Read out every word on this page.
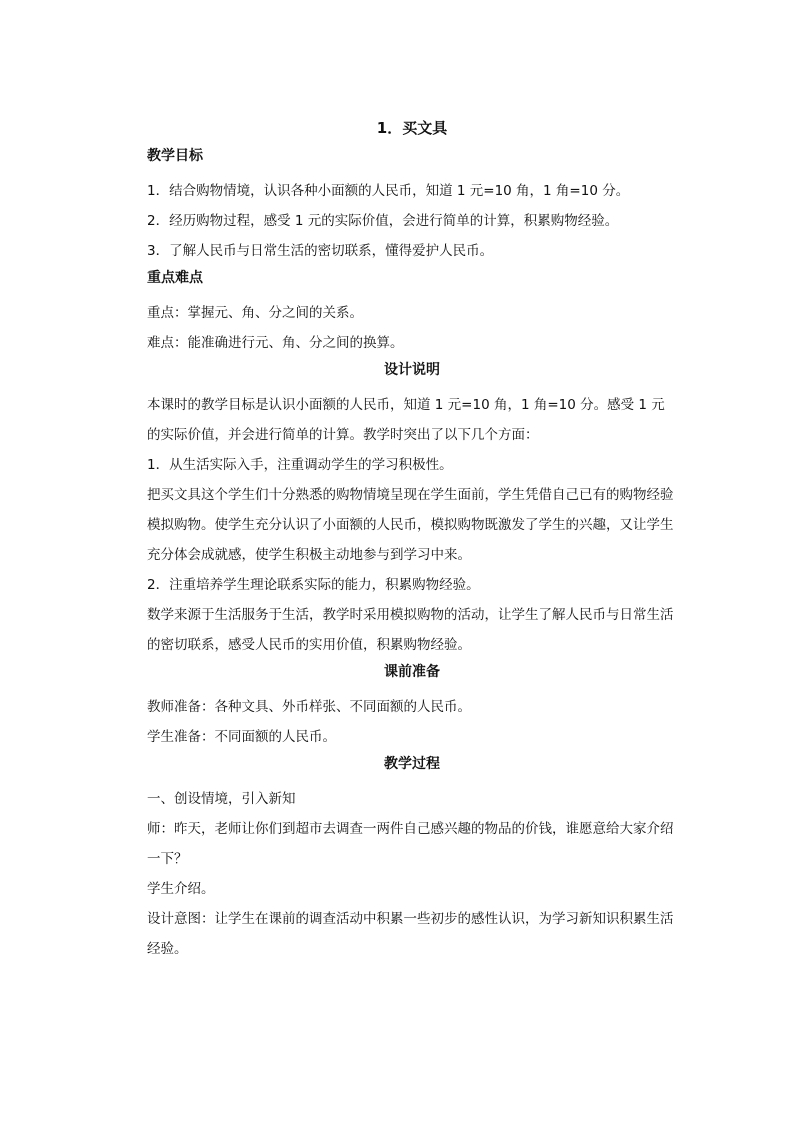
1．买文具
教学目标

1．结合购物情境，认识各种小面额的人民币，知道 1 元=10 角，1 角=10 分。

2．经历购物过程，感受 1 元的实际价值，会进行简单的计算，积累购物经验。

3．了解人民币与日常生活的密切联系，懂得爱护人民币。

重点难点

重点：掌握元、角、分之间的关系。

难点：能准确进行元、角、分之间的换算。

设计说明

本课时的教学目标是认识小面额的人民币，知道 1 元=10 角，1 角=10 分。感受 1 元的实际价值，并会进行简单的计算。教学时突出了以下几个方面：

1．从生活实际入手，注重调动学生的学习积极性。

把买文具这个学生们十分熟悉的购物情境呈现在学生面前，学生凭借自己已有的购物经验模拟购物。使学生充分认识了小面额的人民币，模拟购物既激发了学生的兴趣，又让学生充分体会成就感，使学生积极主动地参与到学习中来。

2．注重培养学生理论联系实际的能力，积累购物经验。

数学来源于生活服务于生活，教学时采用模拟购物的活动，让学生了解人民币与日常生活的密切联系，感受人民币的实用价值，积累购物经验。

课前准备

教师准备：各种文具、外币样张、不同面额的人民币。

学生准备：不同面额的人民币。

教学过程

一、创设情境，引入新知

师：昨天，老师让你们到超市去调查一两件自己感兴趣的物品的价钱，谁愿意给大家介绍一下？

学生介绍。

设计意图：让学生在课前的调查活动中积累一些初步的感性认识，为学习新知识积累生活经验。
